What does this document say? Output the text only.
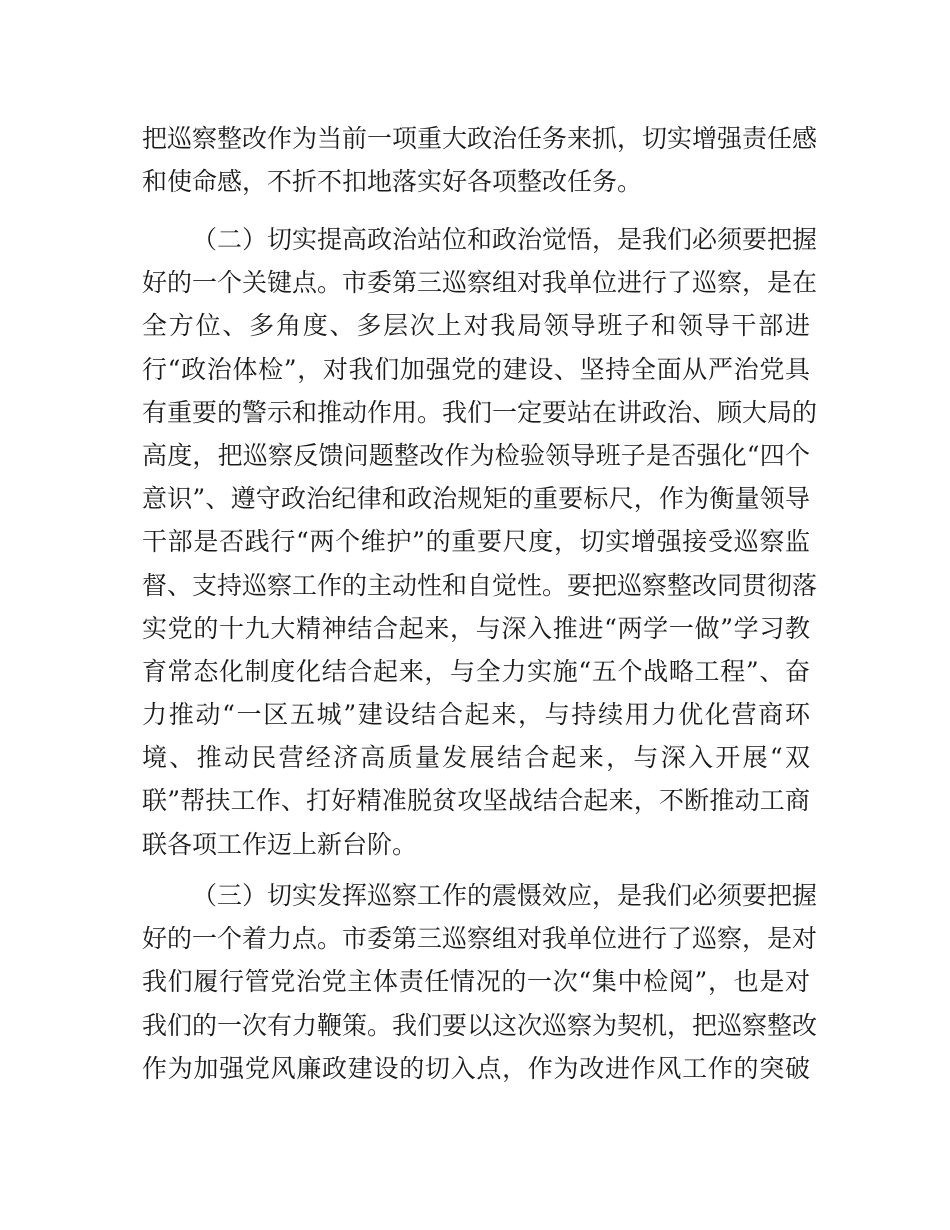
把巡察整改作为当前一项重大政治任务来抓，切实增强责任感
和使命感，不折不扣地落实好各项整改任务。
（二）切实提高政治站位和政治觉悟，是我们必须要把握
好的一个关键点。市委第三巡察组对我单位进行了巡察，是在
全方位、多角度、多层次上对我局领导班子和领导干部进
行“政治体检”，对我们加强党的建设、坚持全面从严治党具
有重要的警示和推动作用。我们一定要站在讲政治、顾大局的
高度，把巡察反馈问题整改作为检验领导班子是否强化“四个
意识”、遵守政治纪律和政治规矩的重要标尺，作为衡量领导
干部是否践行“两个维护”的重要尺度，切实增强接受巡察监
督、支持巡察工作的主动性和自觉性。要把巡察整改同贯彻落
实党的十九大精神结合起来，与深入推进“两学一做”学习教
育常态化制度化结合起来，与全力实施“五个战略工程”、奋
力推动“一区五城”建设结合起来，与持续用力优化营商环
境、推动民营经济高质量发展结合起来，与深入开展“双
联”帮扶工作、打好精准脱贫攻坚战结合起来，不断推动工商
联各项工作迈上新台阶。
（三）切实发挥巡察工作的震慑效应，是我们必须要把握
好的一个着力点。市委第三巡察组对我单位进行了巡察，是对
我们履行管党治党主体责任情况的一次“集中检阅”，也是对
我们的一次有力鞭策。我们要以这次巡察为契机，把巡察整改
作为加强党风廉政建设的切入点，作为改进作风工作的突破
